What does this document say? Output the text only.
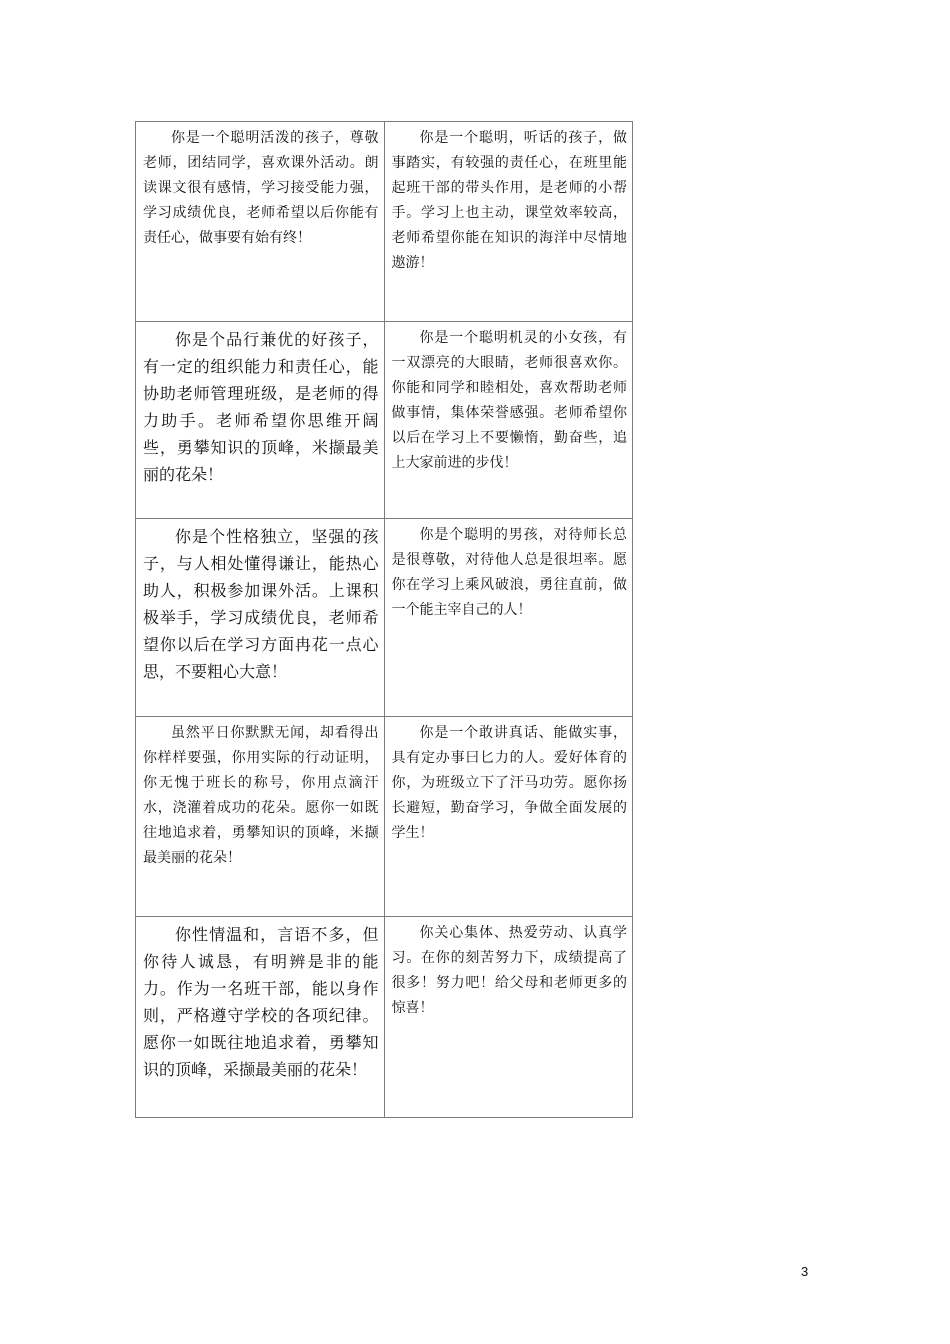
你是一个聪明活泼的孩子，尊敬老师，团结同学，喜欢课外活动。朗读课文很有感情，学习接受能力强，学习成绩优良，老师希望以后你能有责任心，做事要有始有终！	你是一个聪明，听话的孩子，做事踏实，有较强的责任心，在班里能起班干部的带头作用，是老师的小帮手。学习上也主动，课堂效率较高，老师希望你能在知识的海洋中尽情地遨游！
你是个品行兼优的好孩子，有一定的组织能力和责任心，能协助老师管理班级，是老师的得力助手。老师希望你思维开阔些，勇攀知识的顶峰，米撷最美丽的花朵！	你是一个聪明机灵的小女孩，有一双漂亮的大眼睛，老师很喜欢你。你能和同学和睦相处，喜欢帮助老师做事情，集体荣誉感强。老师希望你以后在学习上不要懒惰，勤奋些，追上大家前进的步伐！
你是个性格独立，坚强的孩子，与人相处懂得谦让，能热心助人，积极参加课外活。上课积极举手，学习成绩优良，老师希望你以后在学习方面冉花一点心思，不要粗心大意！	你是个聪明的男孩，对待师长总是很尊敬，对待他人总是很坦率。愿你在学习上乘风破浪，勇往直前，做一个能主宰自己的人！
虽然平日你默默无闻，却看得出你样样要强，你用实际的行动证明，你无愧于班长的称号，你用点滴汗水，浇灌着成功的花朵。愿你一如既往地追求着，勇攀知识的顶峰，米撷最美丽的花朵！	你是一个敢讲真话、能做实事，具有定办事曰匕力的人。爱好体育的你，为班级立下了汗马功劳。愿你扬长避短，勤奋学习，争做全面发展的学生！
你性情温和，言语不多，但你待人诚恳，有明辨是非的能力。作为一名班干部，能以身作则，严格遵守学校的各项纪律。愿你一如既往地追求着，勇攀知识的顶峰，采撷最美丽的花朵！	你关心集体、热爱劳动、认真学习。在你的刻苦努力下，成绩提高了很多！努力吧！给父母和老师更多的惊喜！
3
